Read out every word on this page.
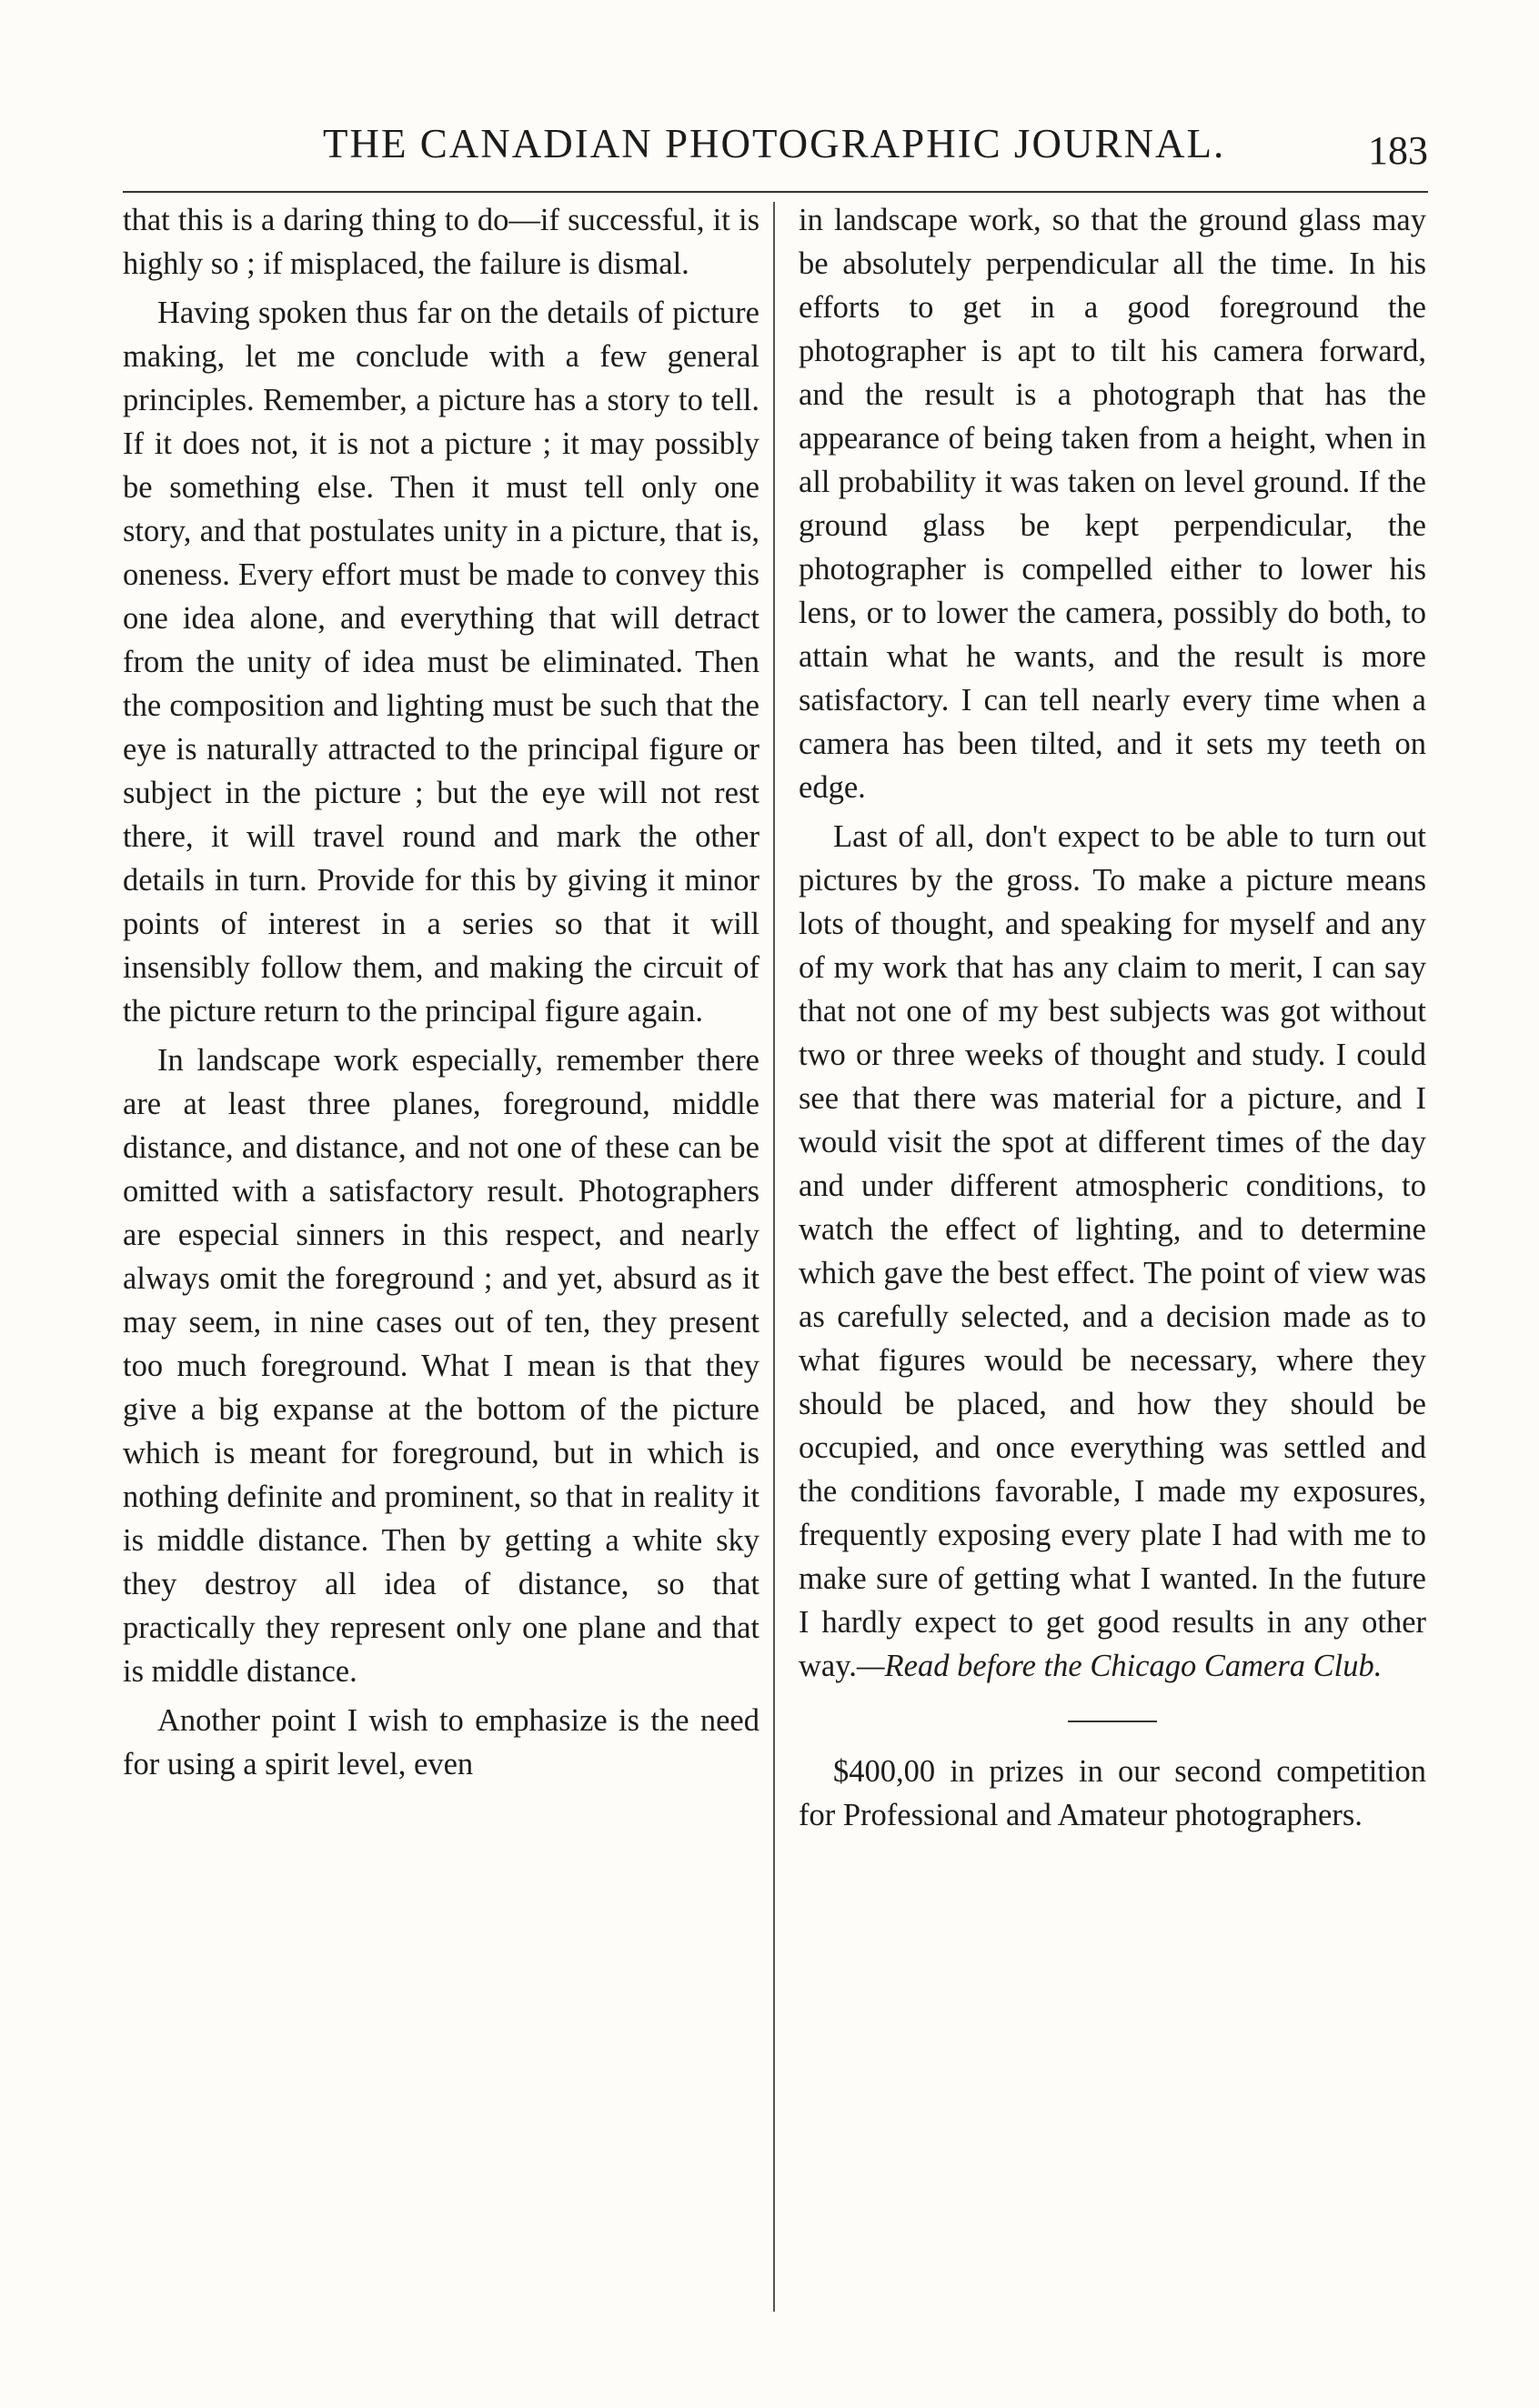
THE CANADIAN PHOTOGRAPHIC JOURNAL.	183

that this is a daring thing to do—if successful, it is highly so ; if misplaced, the failure is dismal.

Having spoken thus far on the details of picture making, let me conclude with a few general principles. Remember, a picture has a story to tell. If it does not, it is not a picture ; it may possibly be something else. Then it must tell only one story, and that postulates unity in a picture, that is, oneness. Every effort must be made to convey this one idea alone, and everything that will detract from the unity of idea must be eliminated. Then the composition and lighting must be such that the eye is naturally attracted to the principal figure or subject in the picture ; but the eye will not rest there, it will travel round and mark the other details in turn. Provide for this by giving it minor points of interest in a series so that it will insensibly follow them, and making the circuit of the picture return to the principal figure again.

In landscape work especially, remember there are at least three planes, foreground, middle distance, and distance, and not one of these can be omitted with a satisfactory result. Photographers are especial sinners in this respect, and nearly always omit the foreground ; and yet, absurd as it may seem, in nine cases out of ten, they present too much foreground. What I mean is that they give a big expanse at the bottom of the picture which is meant for foreground, but in which is nothing definite and prominent, so that in reality it is middle distance. Then by getting a white sky they destroy all idea of distance, so that practically they represent only one plane and that is middle distance.

Another point I wish to emphasize is the need for using a spirit level, even

in landscape work, so that the ground glass may be absolutely perpendicular all the time. In his efforts to get in a good foreground the photographer is apt to tilt his camera forward, and the result is a photograph that has the appearance of being taken from a height, when in all probability it was taken on level ground. If the ground glass be kept perpendicular, the photographer is compelled either to lower his lens, or to lower the camera, possibly do both, to attain what he wants, and the result is more satisfactory. I can tell nearly every time when a camera has been tilted, and it sets my teeth on edge.

Last of all, don't expect to be able to turn out pictures by the gross. To make a picture means lots of thought, and speaking for myself and any of my work that has any claim to merit, I can say that not one of my best subjects was got without two or three weeks of thought and study. I could see that there was material for a picture, and I would visit the spot at different times of the day and under different atmospheric conditions, to watch the effect of lighting, and to determine which gave the best effect. The point of view was as carefully selected, and a decision made as to what figures would be necessary, where they should be placed, and how they should be occupied, and once everything was settled and the conditions favorable, I made my exposures, frequently exposing every plate I had with me to make sure of getting what I wanted. In the future I hardly expect to get good results in any other way.—Read before the Chicago Camera Club.

$400,00 in prizes in our second competition for Professional and Amateur photographers.
